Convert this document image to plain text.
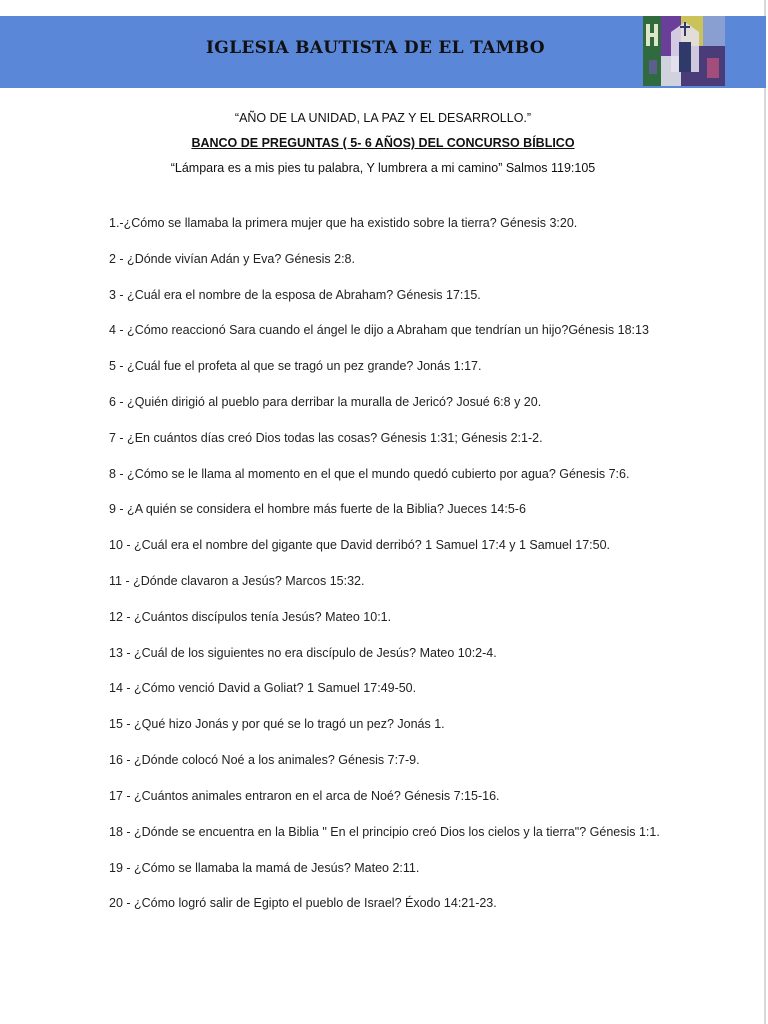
IGLESIA BAUTISTA DE EL TAMBO
“AÑO DE LA UNIDAD, LA PAZ Y EL DESARROLLO.”
BANCO DE PREGUNTAS ( 5- 6 AÑOS) DEL CONCURSO BÍBLICO
“Lámpara es a mis pies tu palabra, Y lumbrera a mi camino” Salmos 119:105
1.-¿Cómo se llamaba la primera mujer que ha existido sobre la tierra? Génesis 3:20.
2 - ¿Dónde vivían Adán y Eva? Génesis 2:8.
3 - ¿Cuál era el nombre de la esposa de Abraham? Génesis 17:15.
4 - ¿Cómo reaccionó Sara cuando el ángel le dijo a Abraham que tendrían un hijo?Génesis 18:13
5 - ¿Cuál fue el profeta al que se tragó un pez grande? Jonás 1:17.
6 - ¿Quién dirigió al pueblo para derribar la muralla de Jericó? Josué 6:8 y 20.
7 - ¿En cuántos días creó Dios todas las cosas? Génesis 1:31; Génesis 2:1-2.
8 - ¿Cómo se le llama al momento en el que el mundo quedó cubierto por agua? Génesis 7:6.
9 - ¿A quién se considera el hombre más fuerte de la Biblia? Jueces 14:5-6
10 - ¿Cuál era el nombre del gigante que David derribó? 1 Samuel 17:4 y 1 Samuel 17:50.
11 - ¿Dónde clavaron a Jesús? Marcos 15:32.
12 - ¿Cuántos discípulos tenía Jesús? Mateo 10:1.
13 - ¿Cuál de los siguientes no era discípulo de Jesús? Mateo 10:2-4.
14 - ¿Cómo venció David a Goliat? 1 Samuel 17:49-50.
15 - ¿Qué hizo Jonás y por qué se lo tragó un pez? Jonás 1.
16 - ¿Dónde colocó Noé a los animales? Génesis 7:7-9.
17 - ¿Cuántos animales entraron en el arca de Noé? Génesis 7:15-16.
18 - ¿Dónde se encuentra en la Biblia " En el principio creó Dios los cielos y la tierra"? Génesis 1:1.
19 - ¿Cómo se llamaba la mamá de Jesús? Mateo 2:11.
20 - ¿Cómo logró salir de Egipto el pueblo de Israel? Éxodo 14:21-23.
